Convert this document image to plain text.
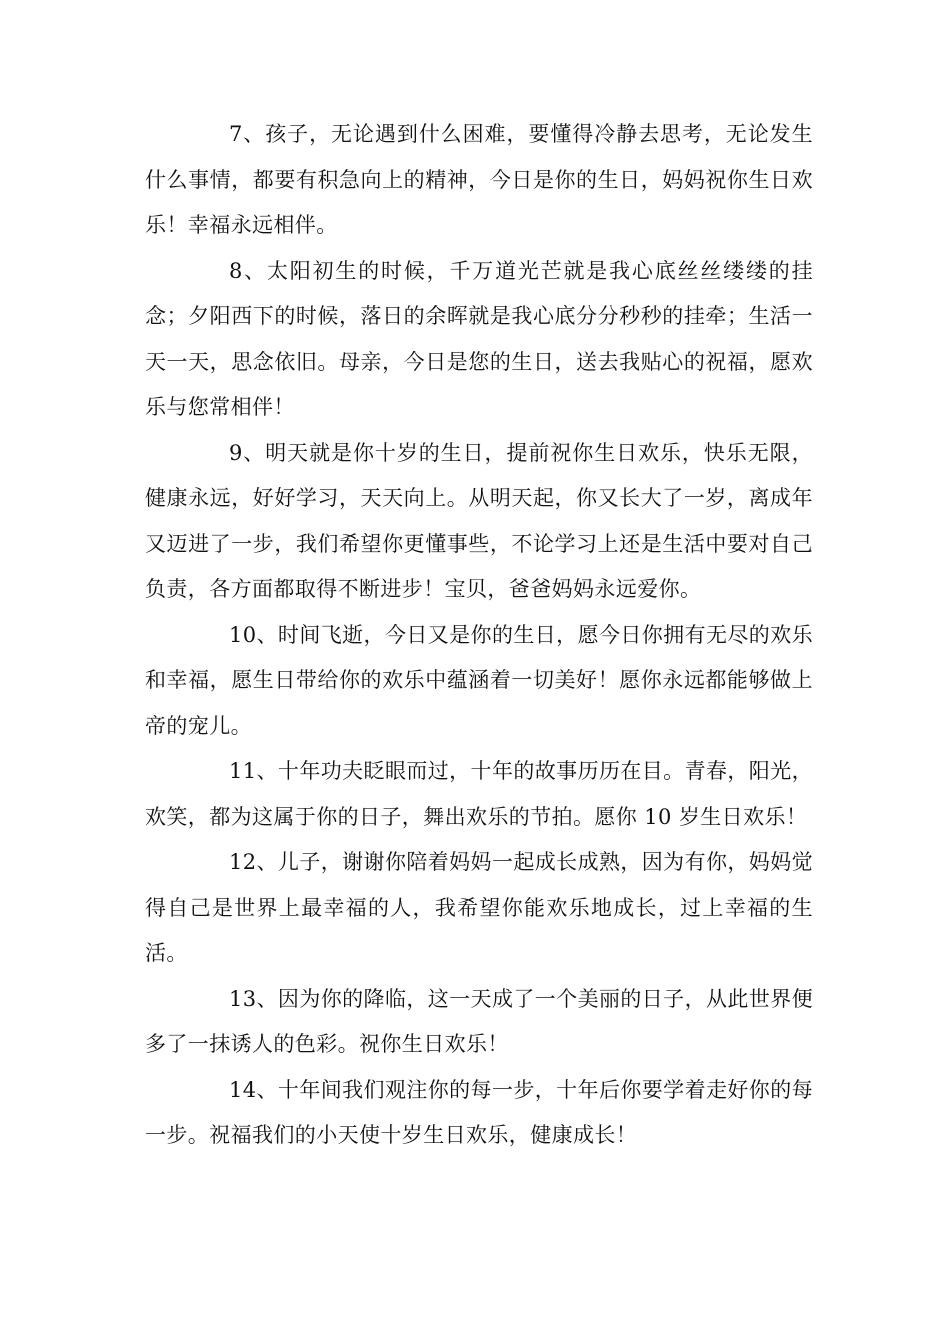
7、孩子，无论遇到什么困难，要懂得冷静去思考，无论发生什么事情，都要有积急向上的精神，今日是你的生日，妈妈祝你生日欢乐！幸福永远相伴。

8、太阳初生的时候，千万道光芒就是我心底丝丝缕缕的挂念；夕阳西下的时候，落日的余晖就是我心底分分秒秒的挂牵；生活一天一天，思念依旧。母亲，今日是您的生日，送去我贴心的祝福，愿欢乐与您常相伴！

9、明天就是你十岁的生日，提前祝你生日欢乐，快乐无限，健康永远，好好学习，天天向上。从明天起，你又长大了一岁，离成年又迈进了一步，我们希望你更懂事些，不论学习上还是生活中要对自己负责，各方面都取得不断进步！宝贝，爸爸妈妈永远爱你。

10、时间飞逝，今日又是你的生日，愿今日你拥有无尽的欢乐和幸福，愿生日带给你的欢乐中蕴涵着一切美好！愿你永远都能够做上帝的宠儿。

11、十年功夫眨眼而过，十年的故事历历在目。青春，阳光，欢笑，都为这属于你的日子，舞出欢乐的节拍。愿你 10 岁生日欢乐！

12、儿子，谢谢你陪着妈妈一起成长成熟，因为有你，妈妈觉得自己是世界上最幸福的人，我希望你能欢乐地成长，过上幸福的生活。

13、因为你的降临，这一天成了一个美丽的日子，从此世界便多了一抹诱人的色彩。祝你生日欢乐！

14、十年间我们观注你的每一步，十年后你要学着走好你的每一步。祝福我们的小天使十岁生日欢乐，健康成长！
